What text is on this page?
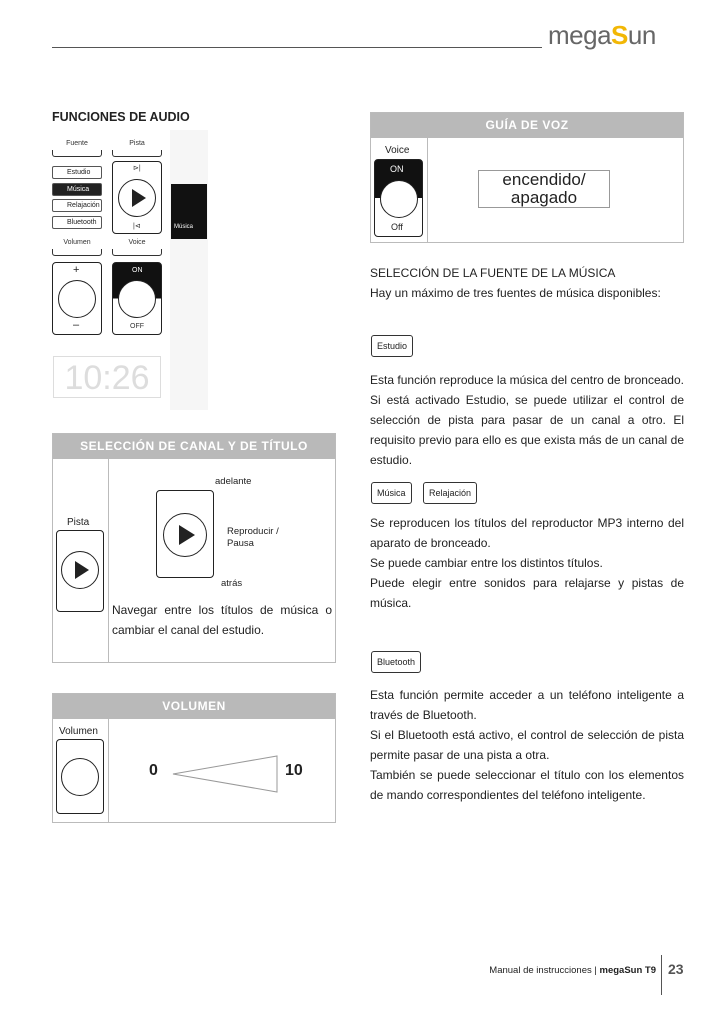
megaSun
FUNCIONES DE AUDIO
Fuente	Pista
Estudio
Música
Relajación
Bluetooth
⊳|
|⊲	Música
Volumen	Voice
+
–
ON
OFF
10:26
SELECCIÓN DE CANAL Y DE TÍTULO
Pista
adelante
Reproducir /
Pausa
atrás
Navegar entre los títulos de música o cambiar el canal del estudio.
VOLUMEN
Volumen
0	10
GUÍA DE VOZ
Voice
ON
Off
encendido/ apagado
SELECCIÓN DE LA FUENTE DE LA MÚSICA
Hay un máximo de tres fuentes de música disponibles:
Estudio
Esta función reproduce la música del centro de bronceado. Si está activado Estudio, se puede utilizar el control de selección de pista para pasar de un canal a otro. El requisito previo para ello es que exista más de un canal de estudio.
Música	Relajación
Se reproducen los títulos del reproductor MP3 interno del aparato de bronceado.
Se puede cambiar entre los distintos títulos.
Puede elegir entre sonidos para relajarse y pistas de música.
Bluetooth
Esta función permite acceder a un teléfono inteligente a través de Bluetooth.
Si el Bluetooth está activo, el control de selección de pista permite pasar de una pista a otra.
También se puede seleccionar el título con los elementos de mando correspondientes del teléfono inteligente.
Manual de instrucciones | megaSun T9 23
